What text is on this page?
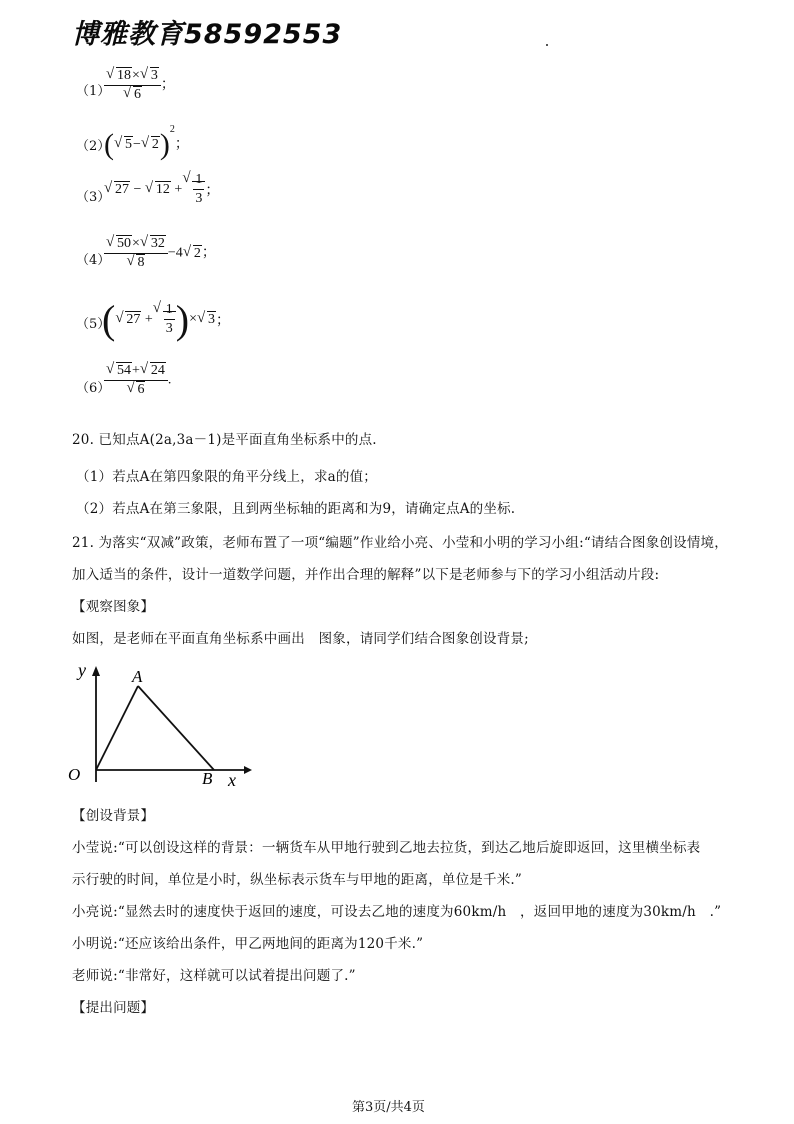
博雅教育58592553
（1）
√ 18× √ 3
√ 6 ；
（2）
( √ 5− √ 2)$^2$；
（3）
√ 27 − √ 12 + √ $\frac{1}{3}$ ；
（4）
√ 50× √ 32
√ 8 −4 √ 2；
（5）
( √ 27 + √ $\frac{1}{3}$ )× √ 3；
（6）
√ 54+ √ 24
√ 6 .
20. 已知点A(2a,3a－1)是平面直角坐标系中的点.
（1）若点A在第四象限的角平分线上，求a的值；
（2）若点A在第三象限，且到两坐标轴的距离和为9，请确定点A的坐标.
21. 为落实“双减”政策，老师布置了一项“编题”作业给小亮、小莹和小明的学习小组:“请结合图象创设情境，
加入适当的条件，设计一道数学问题，并作出合理的解释”以下是老师参与下的学习小组活动片段:
【观察图象】
如图，是老师在平面直角坐标系中画出　图象，请同学们结合图象创设背景;
y
x
O
A
B
【创设背景】
小莹说:“可以创设这样的背景：一辆货车从甲地行驶到乙地去拉货，到达乙地后旋即返回，这里横坐标表
示行驶的时间，单位是小时，纵坐标表示货车与甲地的距离，单位是千米.”
小亮说:“显然去时的速度快于返回的速度，可设去乙地的速度为60km/h　，返回甲地的速度为30km/h　.”
小明说:“还应该给出条件，甲乙两地间的距离为120千米.”
老师说:“非常好，这样就可以试着提出问题了.”
【提出问题】
第3页/共4页
